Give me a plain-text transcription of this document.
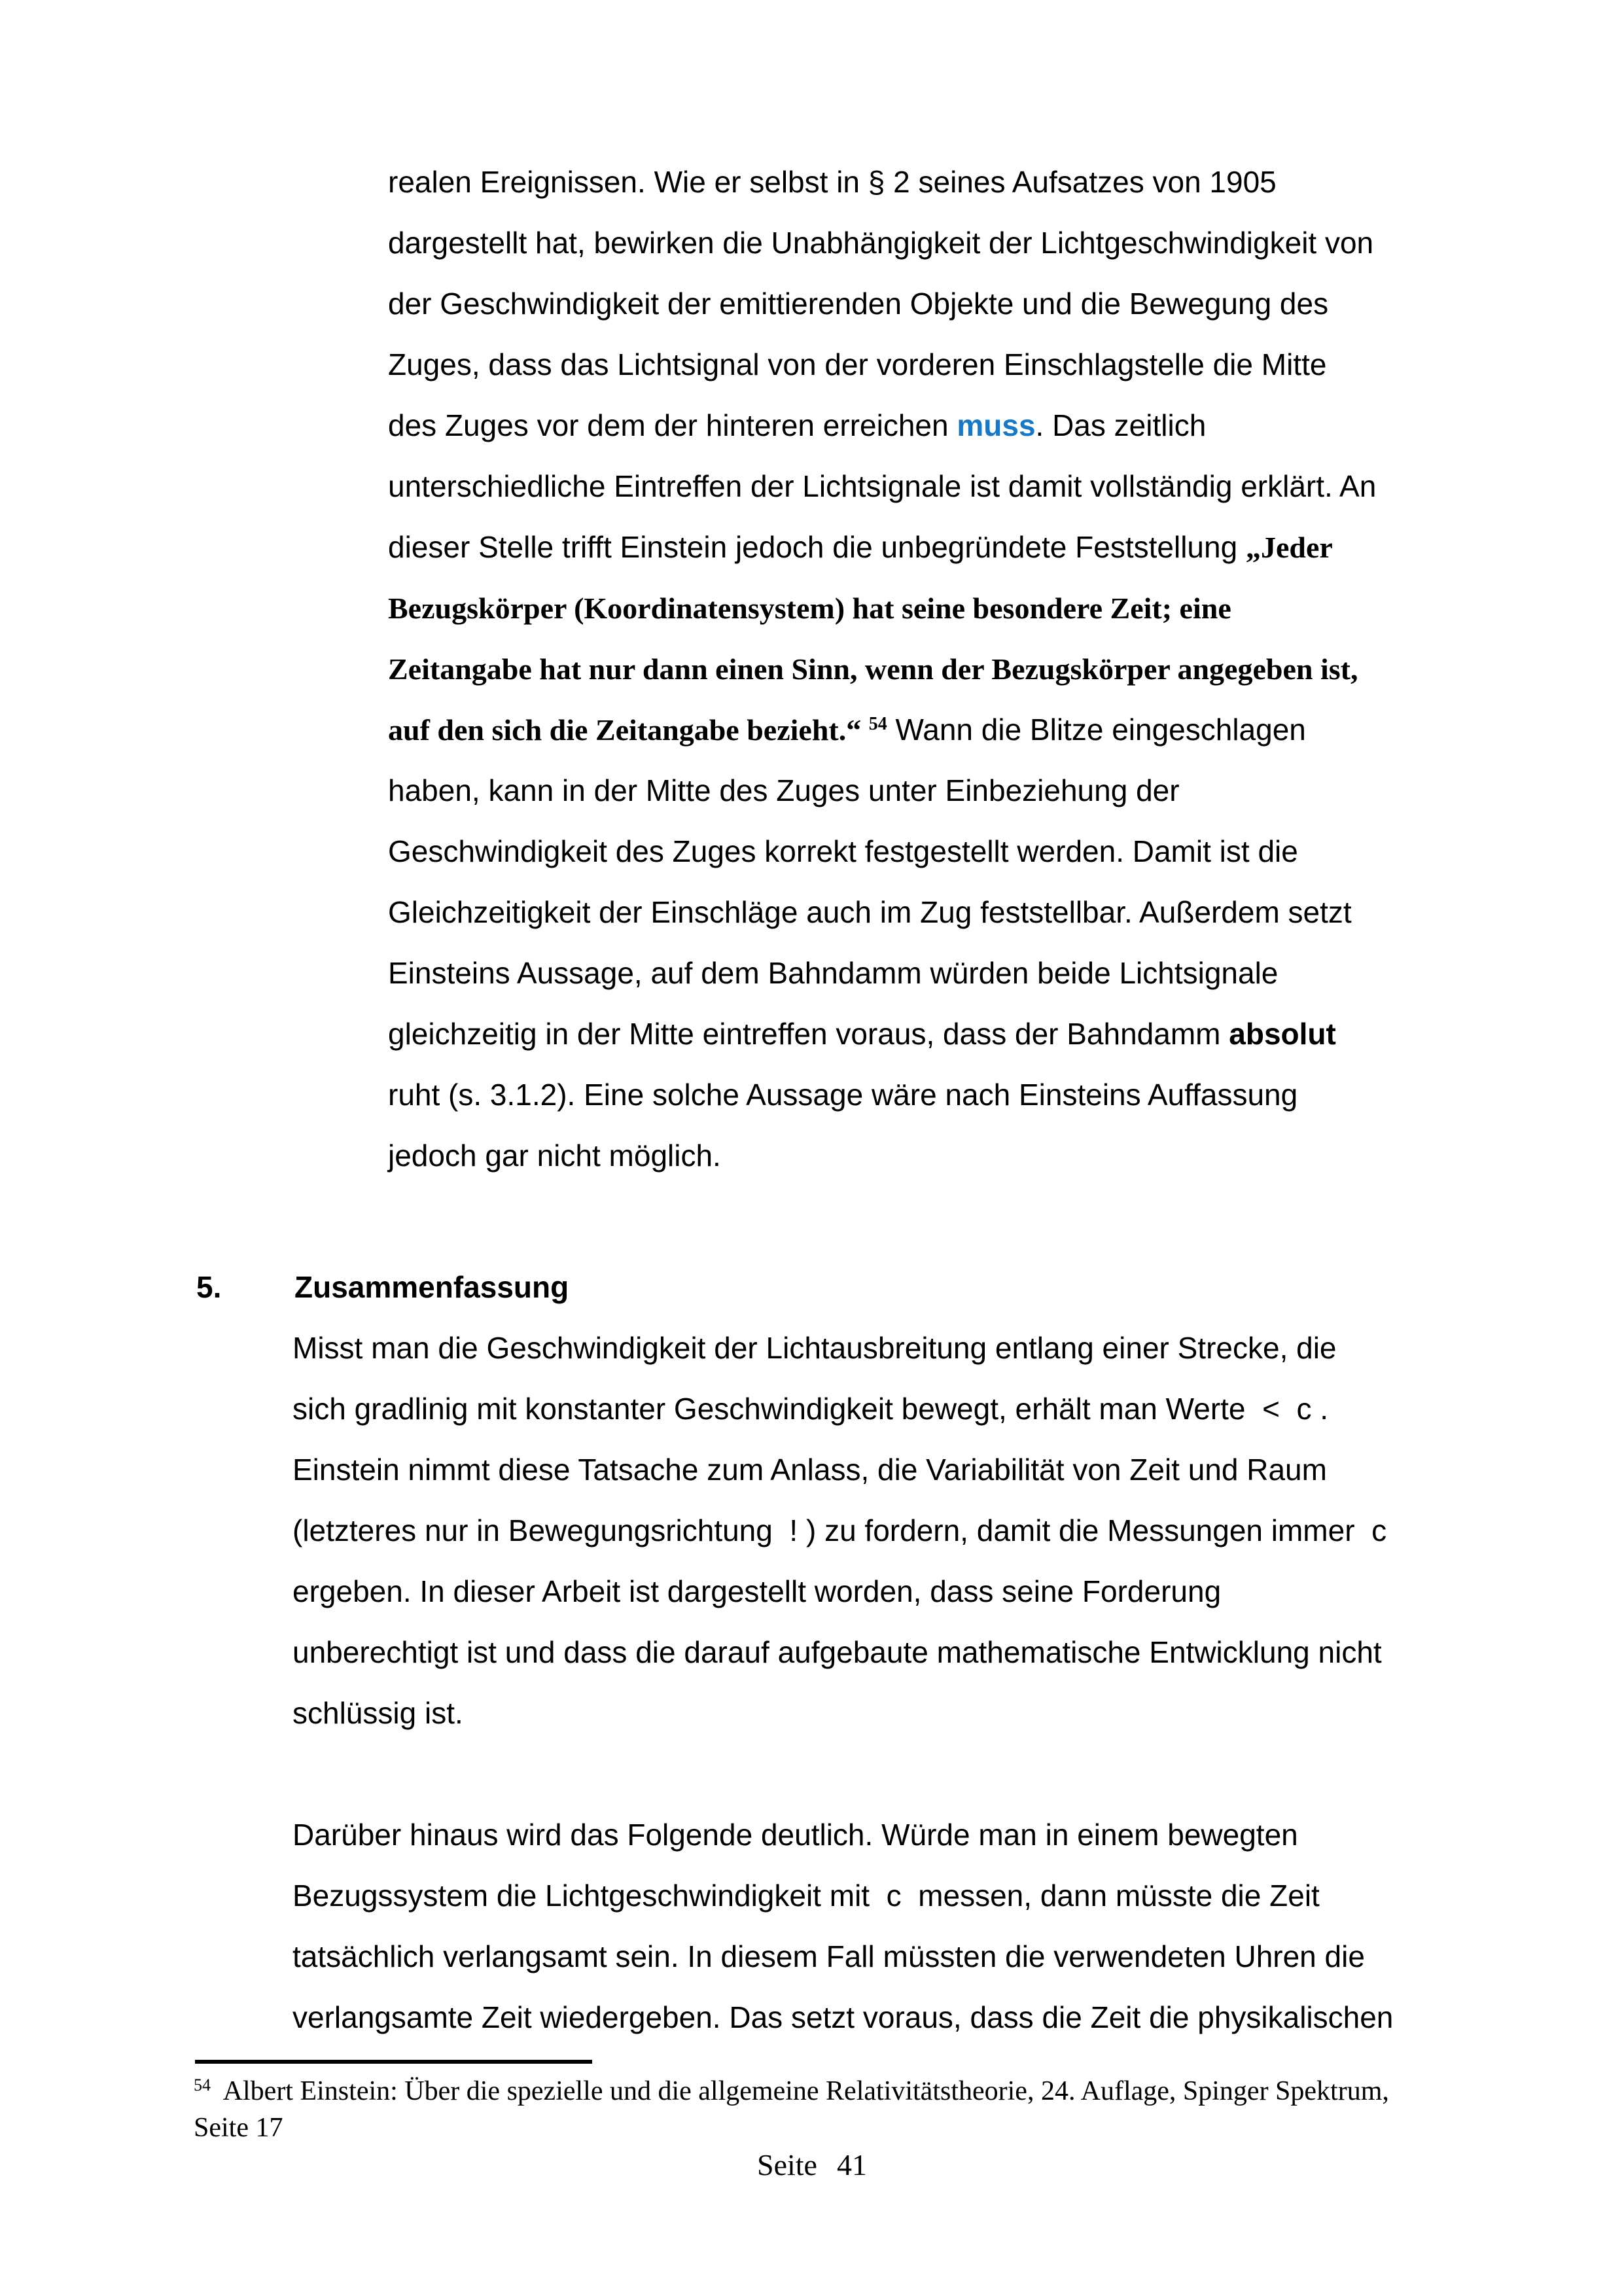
realen Ereignissen. Wie er selbst in § 2 seines Aufsatzes von 1905
dargestellt hat, bewirken die Unabhängigkeit der Lichtgeschwindigkeit von
der Geschwindigkeit der emittierenden Objekte und die Bewegung des
Zuges, dass das Lichtsignal von der vorderen Einschlagstelle die Mitte
des Zuges vor dem der hinteren erreichen muss. Das zeitlich
unterschiedliche Eintreffen der Lichtsignale ist damit vollständig erklärt. An
dieser Stelle trifft Einstein jedoch die unbegründete Feststellung „Jeder
Bezugskörper (Koordinatensystem) hat seine besondere Zeit; eine
Zeitangabe hat nur dann einen Sinn, wenn der Bezugskörper angegeben ist,
auf den sich die Zeitangabe bezieht.“ $^{54}$ Wann die Blitze eingeschlagen
haben, kann in der Mitte des Zuges unter Einbeziehung der
Geschwindigkeit des Zuges korrekt festgestellt werden. Damit ist die
Gleichzeitigkeit der Einschläge auch im Zug feststellbar. Außerdem setzt
Einsteins Aussage, auf dem Bahndamm würden beide Lichtsignale
gleichzeitig in der Mitte eintreffen voraus, dass der Bahndamm absolut
ruht (s. 3.1.2). Eine solche Aussage wäre nach Einsteins Auffassung
jedoch gar nicht möglich.
5. Zusammenfassung
Misst man die Geschwindigkeit der Lichtausbreitung entlang einer Strecke, die
sich gradlinig mit konstanter Geschwindigkeit bewegt, erhält man Werte  <  c .
Einstein nimmt diese Tatsache zum Anlass, die Variabilität von Zeit und Raum
(letzteres nur in Bewegungsrichtung  ! ) zu fordern, damit die Messungen immer  c
ergeben. In dieser Arbeit ist dargestellt worden, dass seine Forderung
unberechtigt ist und dass die darauf aufgebaute mathematische Entwicklung nicht
schlüssig ist.
Darüber hinaus wird das Folgende deutlich. Würde man in einem bewegten
Bezugssystem die Lichtgeschwindigkeit mit  c  messen, dann müsste die Zeit
tatsächlich verlangsamt sein. In diesem Fall müssten die verwendeten Uhren die
verlangsamte Zeit wiedergeben. Das setzt voraus, dass die Zeit die physikalischen
$^{54}$  Albert Einstein: Über die spezielle und die allgemeine Relativitätstheorie, 24. Auflage, Spinger Spektrum,
Seite 17
Seite 41
